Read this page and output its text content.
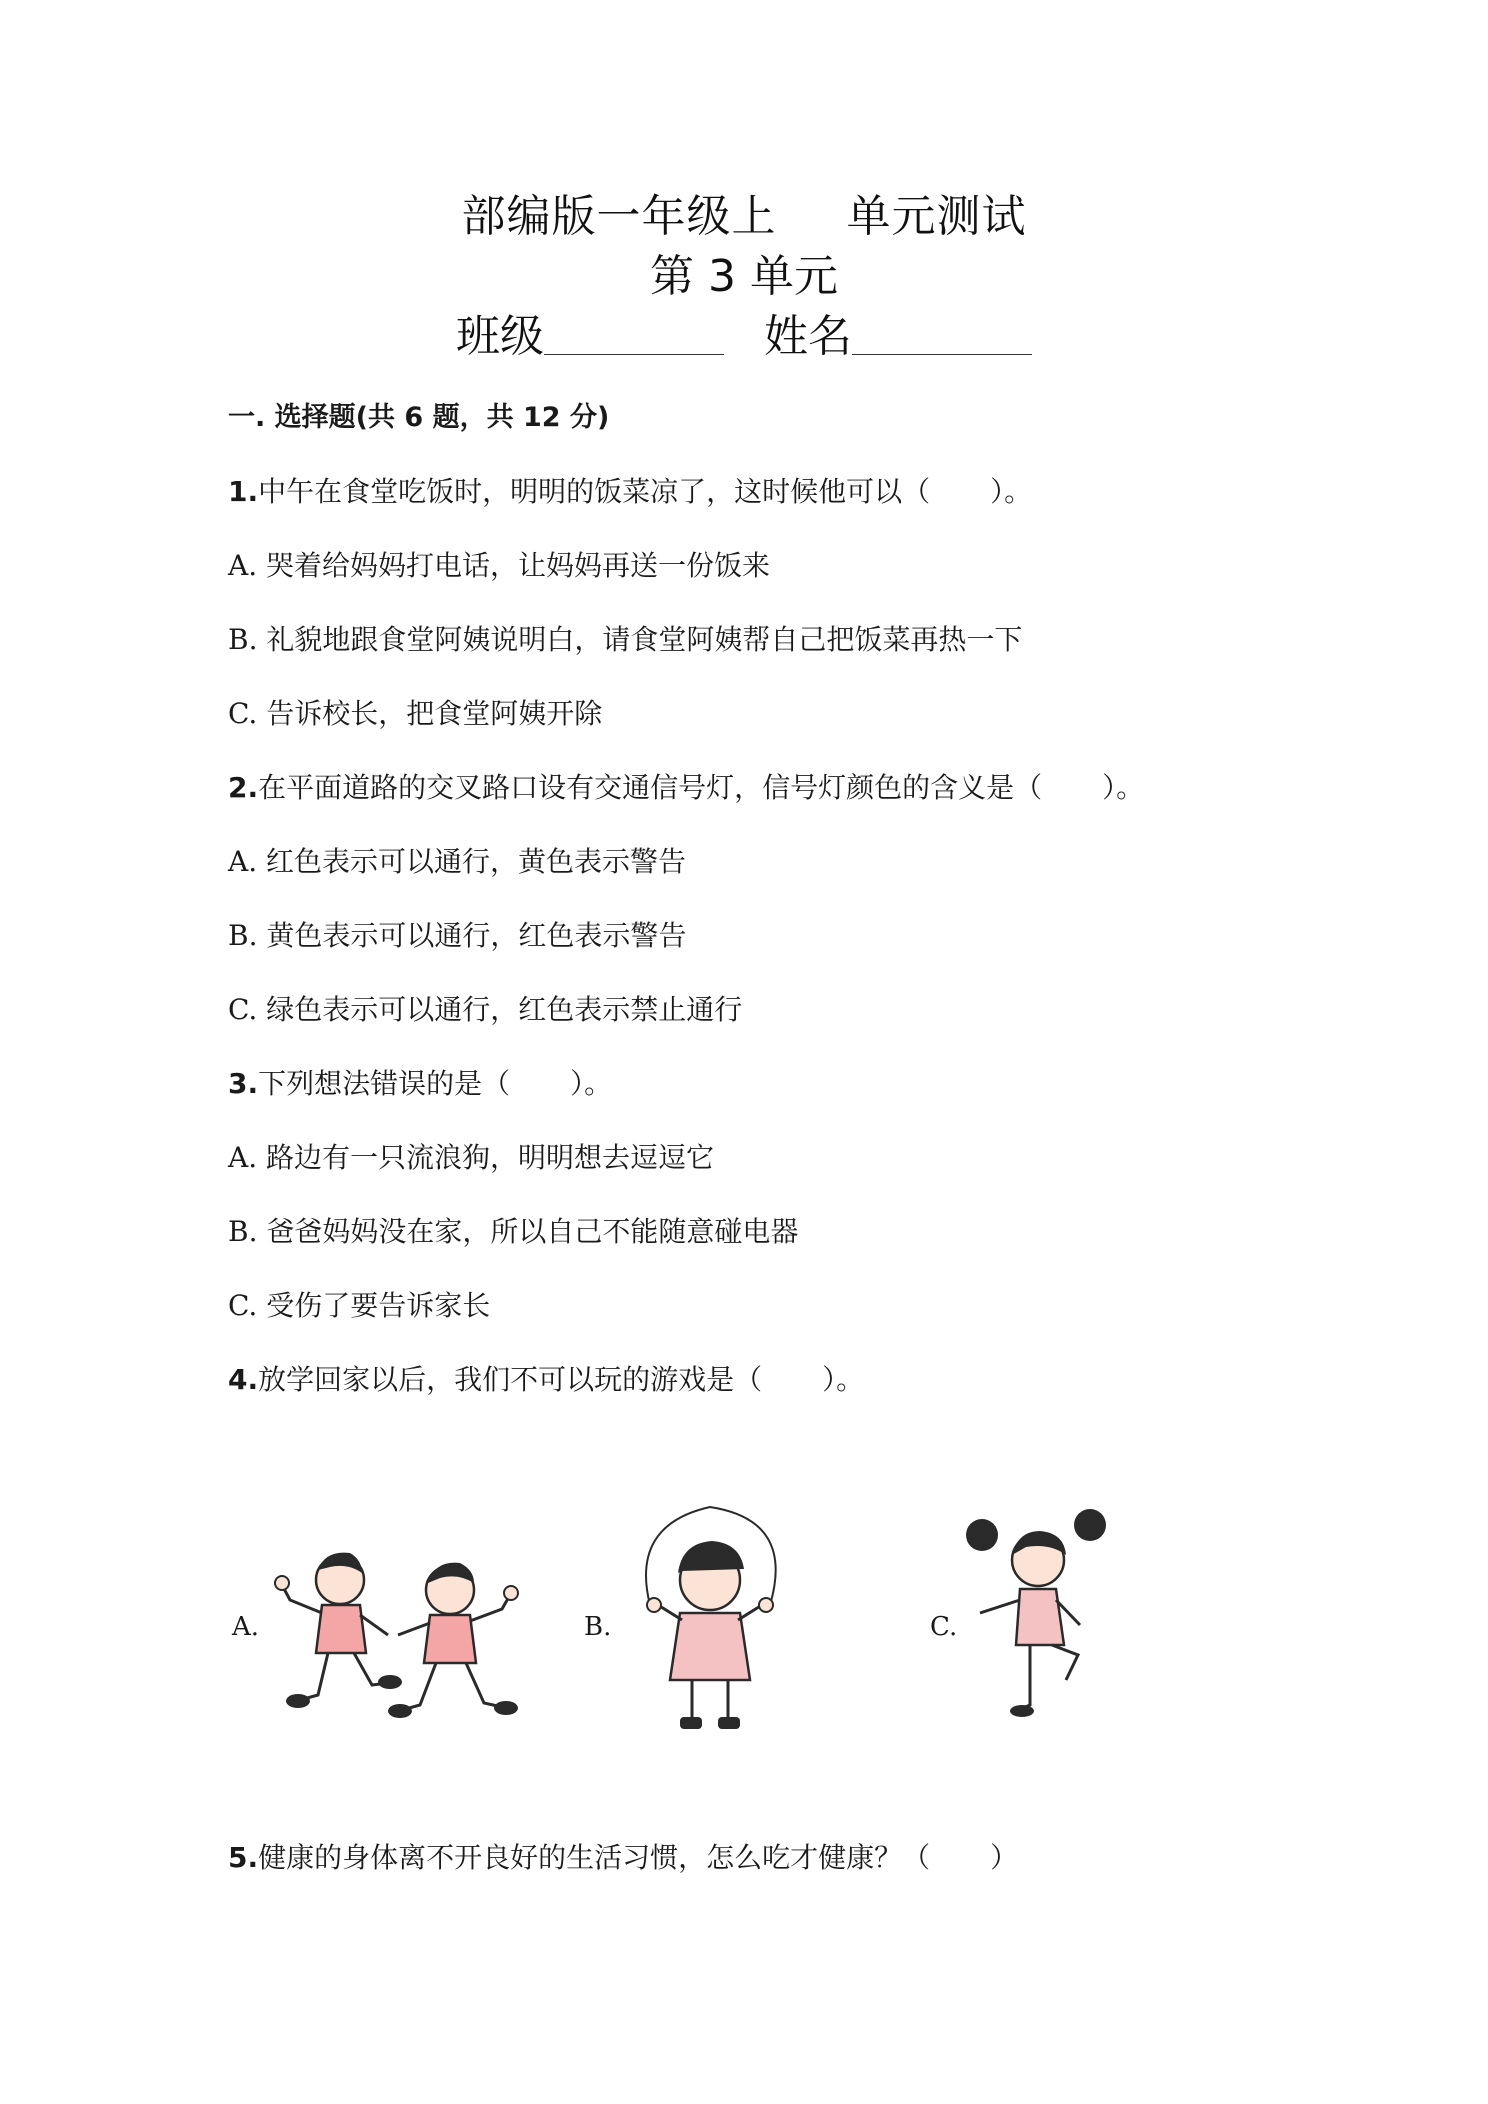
部编版一年级上 单元测试
第 3 单元
班级	姓名
一. 选择题(共 6 题，共 12 分)
1.中午在食堂吃饭时，明明的饭菜凉了，这时候他可以（ ）。
A. 哭着给妈妈打电话，让妈妈再送一份饭来
B. 礼貌地跟食堂阿姨说明白，请食堂阿姨帮自己把饭菜再热一下
C. 告诉校长，把食堂阿姨开除
2.在平面道路的交叉路口设有交通信号灯，信号灯颜色的含义是（ ）。
A. 红色表示可以通行，黄色表示警告
B. 黄色表示可以通行，红色表示警告
C. 绿色表示可以通行，红色表示禁止通行
3.下列想法错误的是（ ）。
A. 路边有一只流浪狗，明明想去逗逗它
B. 爸爸妈妈没在家，所以自己不能随意碰电器
C. 受伤了要告诉家长
4.放学回家以后，我们不可以玩的游戏是（ ）。
A.	B.	C.
5.健康的身体离不开良好的生活习惯，怎么吃才健康？（ ）
